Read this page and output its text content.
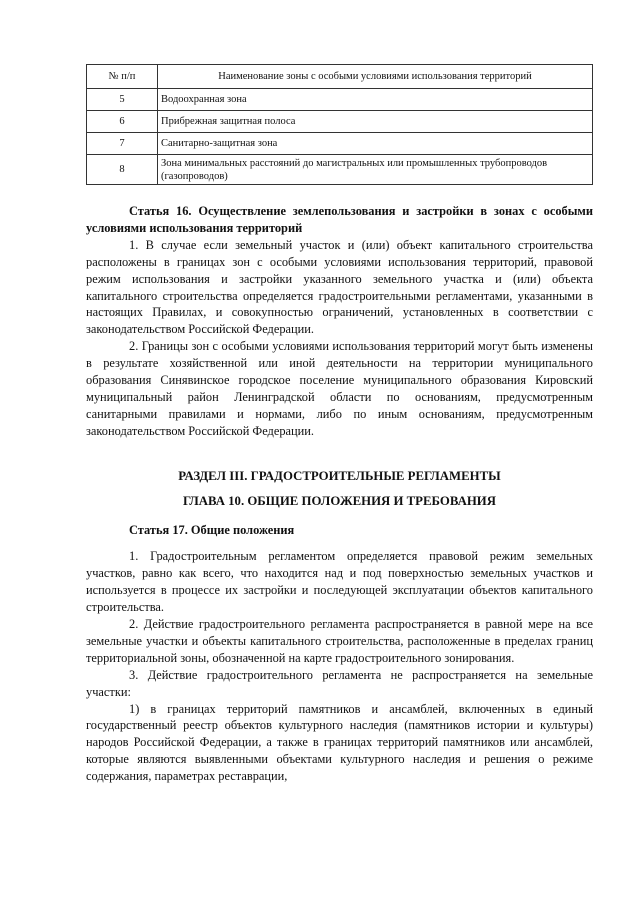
№ п/п	Наименование зоны с особыми условиями использования территорий
5	Водоохранная зона
6	Прибрежная защитная полоса
7	Санитарно-защитная зона
8	Зона минимальных расстояний до магистральных или промышленных трубопроводов (газопроводов)

Статья 16. Осуществление землепользования и застройки в зонах с особыми условиями использования территорий

1. В случае если земельный участок и (или) объект капитального строительства расположены в границах зон с особыми условиями использования территорий, правовой режим использования и застройки указанного земельного участка и (или) объекта капитального строительства определяется градостроительными регламентами, указанными в настоящих Правилах, и совокупностью ограничений, установленных в соответствии с законодательством Российской Федерации.

2. Границы зон с особыми условиями использования территорий могут быть изменены в результате хозяйственной или иной деятельности на территории муниципального образования Синявинское городское поселение муниципального образования Кировский муниципальный район Ленинградской области по основаниям, предусмотренным санитарными правилами и нормами, либо по иным основаниям, предусмотренным законодательством Российской Федерации.

РАЗДЕЛ III. ГРАДОСТРОИТЕЛЬНЫЕ РЕГЛАМЕНТЫ

ГЛАВА 10. ОБЩИЕ ПОЛОЖЕНИЯ И ТРЕБОВАНИЯ

Статья 17. Общие положения

1. Градостроительным регламентом определяется правовой режим земельных участков, равно как всего, что находится над и под поверхностью земельных участков и используется в процессе их застройки и последующей эксплуатации объектов капитального строительства.

2. Действие градостроительного регламента распространяется в равной мере на все земельные участки и объекты капитального строительства, расположенные в пределах границ территориальной зоны, обозначенной на карте градостроительного зонирования.

3. Действие градостроительного регламента не распространяется на земельные участки:

1) в границах территорий памятников и ансамблей, включенных в единый государственный реестр объектов культурного наследия (памятников истории и культуры) народов Российской Федерации, а также в границах территорий памятников или ансамблей, которые являются выявленными объектами культурного наследия и решения о режиме содержания, параметрах реставрации,
